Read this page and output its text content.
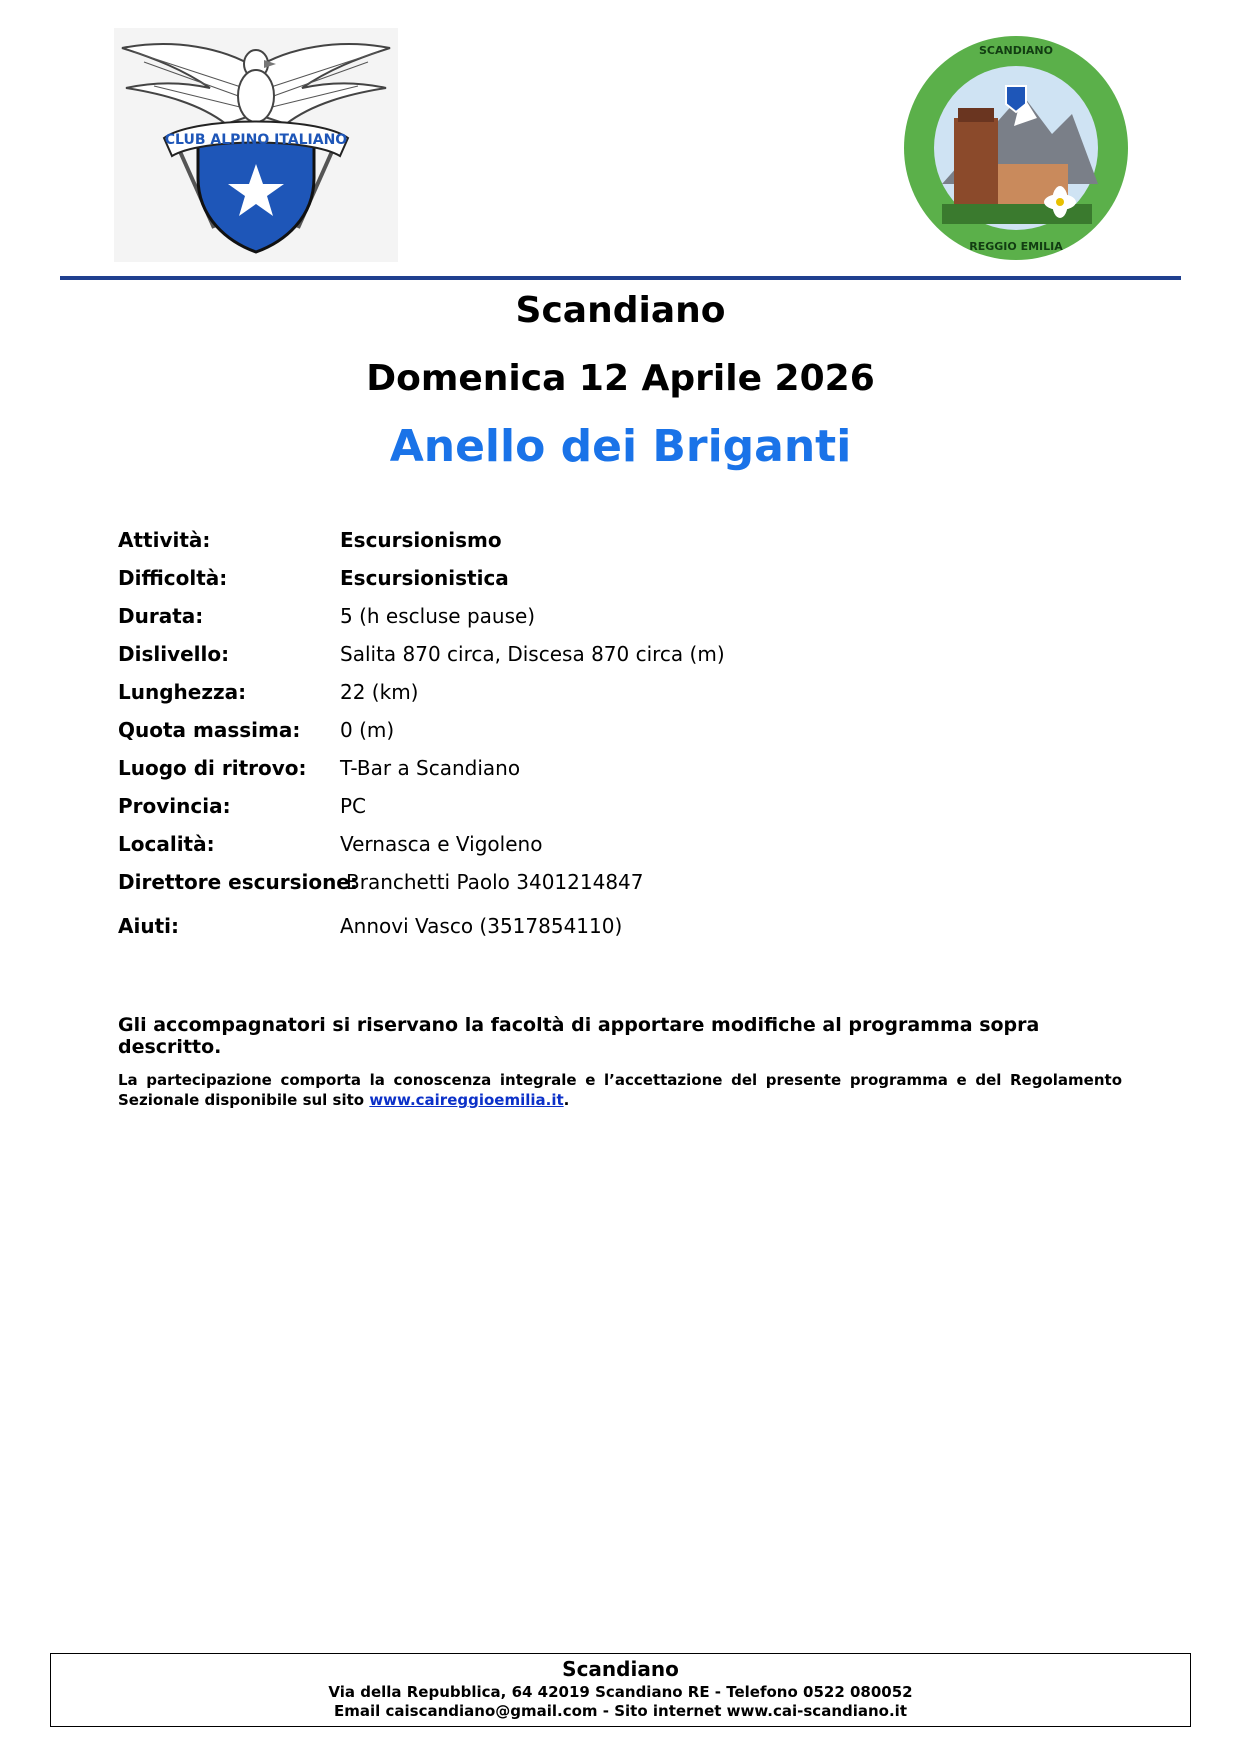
CLUB ALPINO ITALIANO
SCANDIANO
REGGIO EMILIA
Scandiano
Domenica 12 Aprile 2026
Anello dei Briganti
Attività:	Escursionismo
Difficoltà:	Escursionistica
Durata:	5 (h escluse pause)
Dislivello:	Salita 870 circa, Discesa 870 circa (m)
Lunghezza:	22 (km)
Quota massima: 0 (m)
Luogo di ritrovo: T-Bar a Scandiano
Provincia:	PC
Località:	Vernasca e Vigoleno
Direttore escursione:
Branchetti Paolo 3401214847
Aiuti:	Annovi Vasco (3517854110)
Gli accompagnatori si riservano la facoltà di apportare modifiche al programma sopra descritto.
La partecipazione comporta la conoscenza integrale e l’accettazione del presente programma e del Regolamento Sezionale disponibile sul sito www.caireggioemilia.it.
Scandiano
Via della Repubblica, 64 42019 Scandiano RE - Telefono 0522 080052
Email caiscandiano@gmail.com - Sito internet www.cai-scandiano.it
